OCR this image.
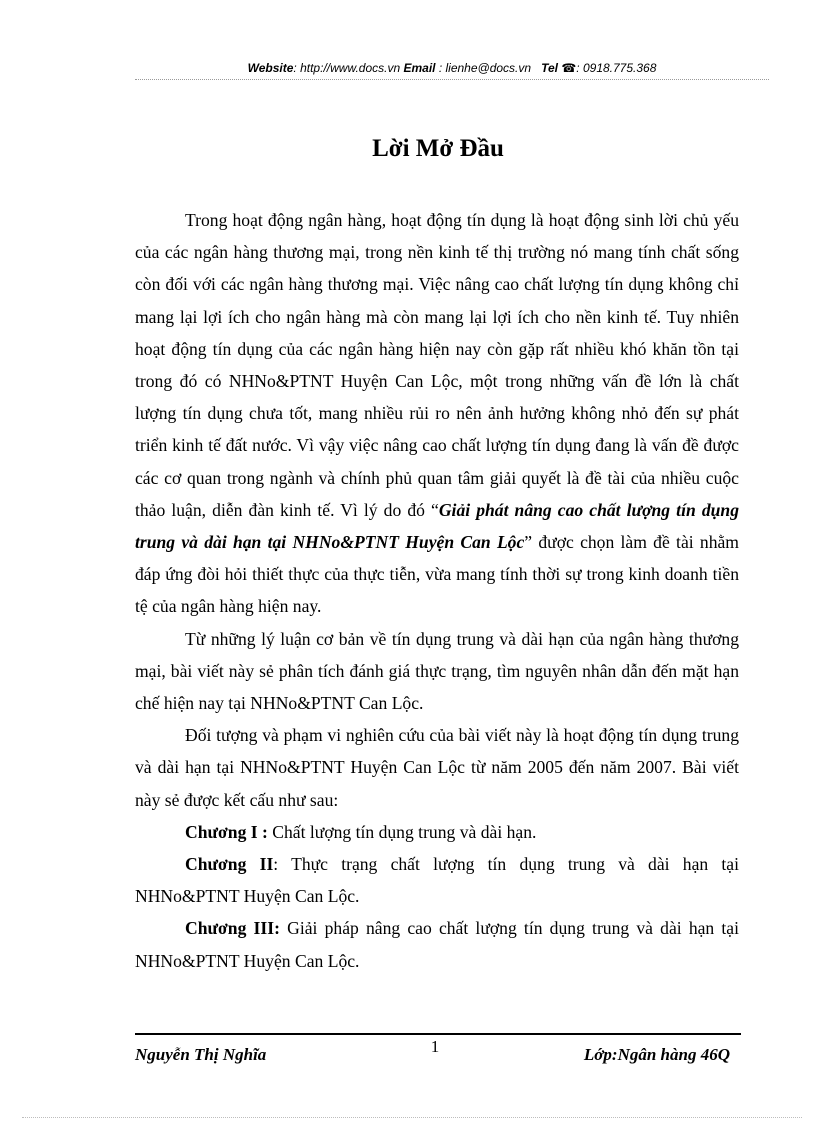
Website: http://www.docs.vn Email : lienhe@docs.vn Tel ☎: 0918.775.368
Lời Mở Đầu

Trong hoạt động ngân hàng, hoạt động tín dụng là hoạt động sinh lời chủ yếu của các ngân hàng thương mại, trong nền kinh tế thị trường nó mang tính chất sống còn đối với các ngân hàng thương mại. Việc nâng cao chất lượng tín dụng không chỉ mang lại lợi ích cho ngân hàng mà còn mang lại lợi ích cho nền kinh tế. Tuy nhiên hoạt động tín dụng của các ngân hàng hiện nay còn gặp rất nhiều khó khăn tồn tại trong đó có NHNo&PTNT Huyện Can Lộc, một trong những vấn đề lớn là chất lượng tín dụng chưa tốt, mang nhiều rủi ro nên ảnh hưởng không nhỏ đến sự phát triển kinh tế đất nước. Vì vậy việc nâng cao chất lượng tín dụng đang là vấn đề được các cơ quan trong ngành và chính phủ quan tâm giải quyết là đề tài của nhiều cuộc thảo luận, diễn đàn kinh tế. Vì lý do đó “Giải phát nâng cao chất lượng tín dụng trung và dài hạn tại NHNo&PTNT Huyện Can Lộc” được chọn làm đề tài nhằm đáp ứng đòi hỏi thiết thực của thực tiễn, vừa mang tính thời sự trong kinh doanh tiền tệ của ngân hàng hiện nay.

Từ những lý luận cơ bản về tín dụng trung và dài hạn của ngân hàng thương mại, bài viết này sẻ phân tích đánh giá thực trạng, tìm nguyên nhân dẫn đến mặt hạn chế hiện nay tại NHNo&PTNT Can Lộc.

Đối tượng và phạm vi nghiên cứu của bài viết này là hoạt động tín dụng trung và dài hạn tại NHNo&PTNT Huyện Can Lộc từ năm 2005 đến năm 2007. Bài viết này sẻ được kết cấu như sau:

Chương I : Chất lượng tín dụng trung và dài hạn.

Chương II: Thực trạng chất lượng tín dụng trung và dài hạn tại NHNo&PTNT Huyện Can Lộc.

Chương III: Giải pháp nâng cao chất lượng tín dụng trung và dài hạn tại NHNo&PTNT Huyện Can Lộc.

Nguyễn Thị Nghĩa	1	Lớp:Ngân hàng 46Q
